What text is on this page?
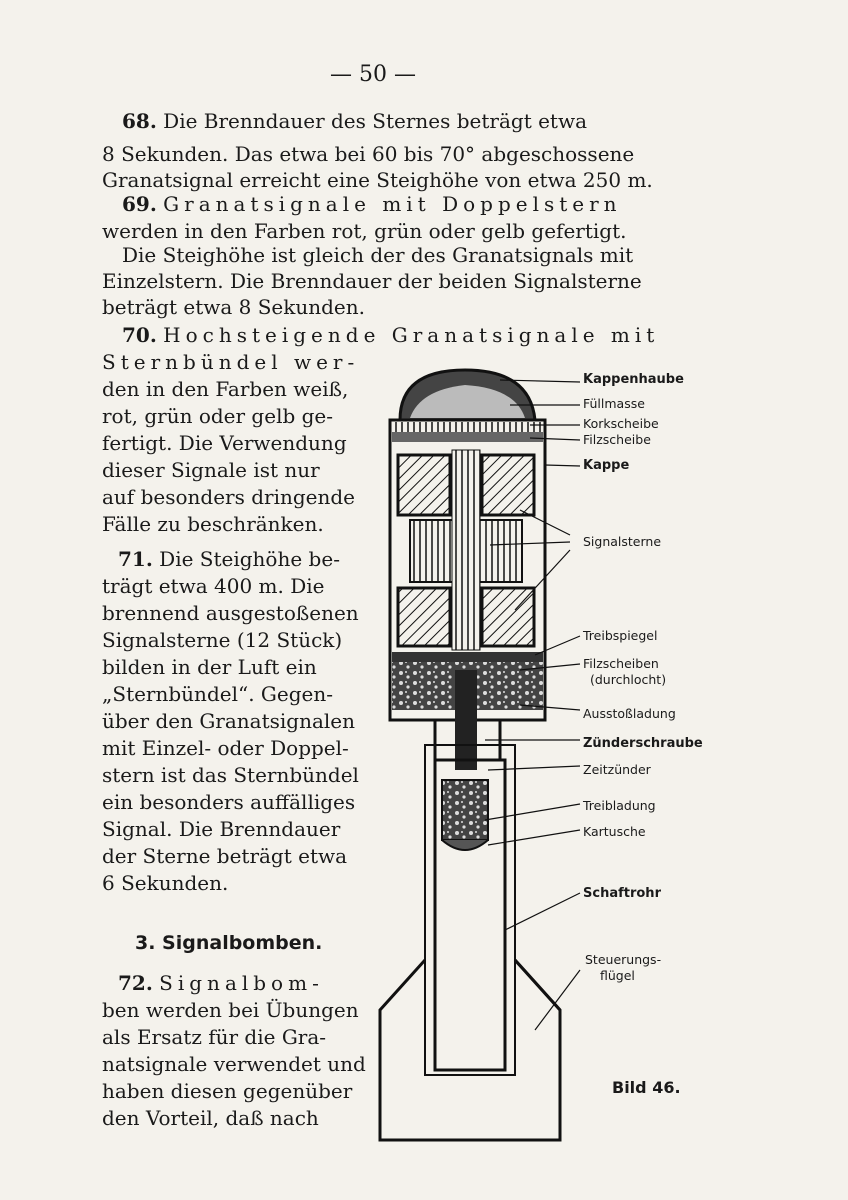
— 50 —
68. Die Brenndauer des Sternes beträgt etwa
8 Sekunden. Das etwa bei 60 bis 70° abgeschossene
Granatsignal erreicht eine Steighöhe von etwa 250 m.
69. Granatsignale mit Doppelstern
werden in den Farben rot, grün oder gelb gefertigt.
Die Steighöhe ist gleich der des Granatsignals mit
Einzelstern. Die Brenndauer der beiden Signalsterne
beträgt etwa 8 Sekunden.
70. Hochsteigende Granatsignale mit
Sternbündel wer-
den in den Farben weiß,
rot, grün oder gelb ge-
fertigt. Die Verwendung
dieser Signale ist nur
auf besonders dringende
Fälle zu beschränken.
71. Die Steighöhe be-
trägt etwa 400 m. Die
brennend ausgestoßenen
Signalsterne (12 Stück)
bilden in der Luft ein
„Sternbündel“. Gegen-
über den Granatsignalen
mit Einzel- oder Doppel-
stern ist das Sternbündel
ein besonders auffälliges
Signal. Die Brenndauer
der Sterne beträgt etwa
6 Sekunden.
3. Signalbomben.
72. Signalbom-
ben werden bei Übungen
als Ersatz für die Gra-
natsignale verwendet und
haben diesen gegenüber
den Vorteil, daß nach
Kappenhaube
Füllmasse
Korkscheibe
Filzscheibe
Kappe
Signalsterne
Treibspiegel
Filzscheiben
(durchlocht)
Ausstoßladung
Zünderschraube
Zeitzünder
Treibladung
Kartusche
Schaftrohr
Steuerungs-
flügel
Bild 46.
